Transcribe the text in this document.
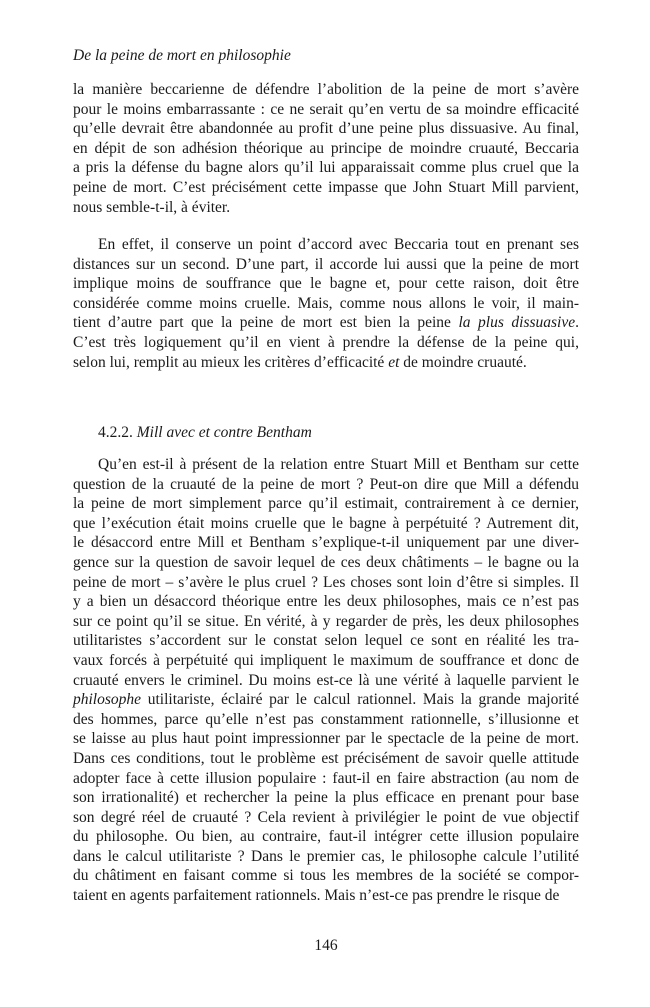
De la peine de mort en philosophie
la manière beccarienne de défendre l’abolition de la peine de mort s’avère
pour le moins embarrassante : ce ne serait qu’en vertu de sa moindre efficacité
qu’elle devrait être abandonnée au profit d’une peine plus dissuasive. Au final,
en dépit de son adhésion théorique au principe de moindre cruauté, Beccaria
a pris la défense du bagne alors qu’il lui apparaissait comme plus cruel que la
peine de mort. C’est précisément cette impasse que John Stuart Mill parvient,
nous semble-t-il, à éviter.
En effet, il conserve un point d’accord avec Beccaria tout en prenant ses
distances sur un second. D’une part, il accorde lui aussi que la peine de mort
implique moins de souffrance que le bagne et, pour cette raison, doit être
considérée comme moins cruelle. Mais, comme nous allons le voir, il main-
tient d’autre part que la peine de mort est bien la peine la plus dissuasive.
C’est très logiquement qu’il en vient à prendre la défense de la peine qui,
selon lui, remplit au mieux les critères d’efficacité et de moindre cruauté.
4.2.2. Mill avec et contre Bentham
Qu’en est-il à présent de la relation entre Stuart Mill et Bentham sur cette
question de la cruauté de la peine de mort ? Peut-on dire que Mill a défendu
la peine de mort simplement parce qu’il estimait, contrairement à ce dernier,
que l’exécution était moins cruelle que le bagne à perpétuité ? Autrement dit,
le désaccord entre Mill et Bentham s’explique-t-il uniquement par une diver-
gence sur la question de savoir lequel de ces deux châtiments – le bagne ou la
peine de mort – s’avère le plus cruel ? Les choses sont loin d’être si simples. Il
y a bien un désaccord théorique entre les deux philosophes, mais ce n’est pas
sur ce point qu’il se situe. En vérité, à y regarder de près, les deux philosophes
utilitaristes s’accordent sur le constat selon lequel ce sont en réalité les tra-
vaux forcés à perpétuité qui impliquent le maximum de souffrance et donc de
cruauté envers le criminel. Du moins est-ce là une vérité à laquelle parvient le
philosophe utilitariste, éclairé par le calcul rationnel. Mais la grande majorité
des hommes, parce qu’elle n’est pas constamment rationnelle, s’illusionne et
se laisse au plus haut point impressionner par le spectacle de la peine de mort.
Dans ces conditions, tout le problème est précisément de savoir quelle attitude
adopter face à cette illusion populaire : faut-il en faire abstraction (au nom de
son irrationalité) et rechercher la peine la plus efficace en prenant pour base
son degré réel de cruauté ? Cela revient à privilégier le point de vue objectif
du philosophe. Ou bien, au contraire, faut-il intégrer cette illusion populaire
dans le calcul utilitariste ? Dans le premier cas, le philosophe calcule l’utilité
du châtiment en faisant comme si tous les membres de la société se compor-
taient en agents parfaitement rationnels. Mais n’est-ce pas prendre le risque de
146
